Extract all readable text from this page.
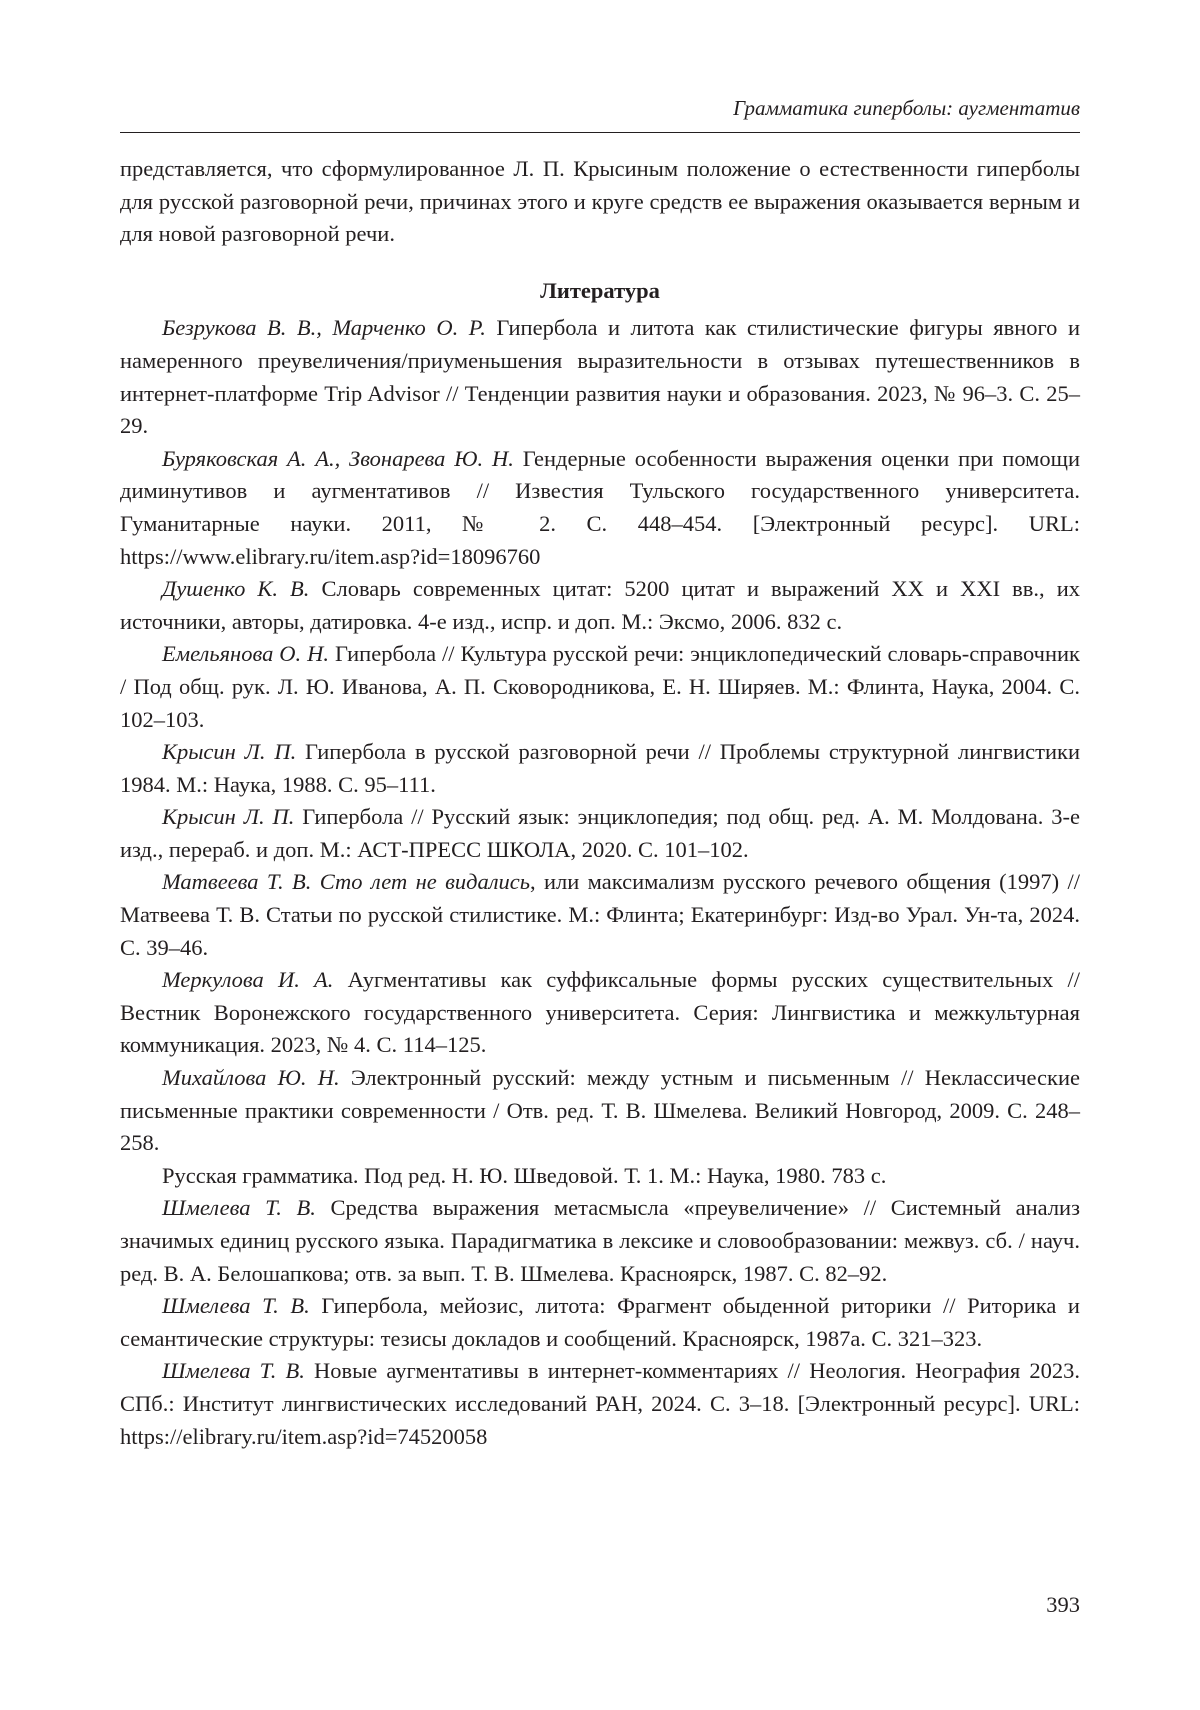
Грамматика гиперболы: аугментатив

представляется, что сформулированное Л. П. Крысиным положение о естественности гиперболы для русской разговорной речи, причинах этого и круге средств ее выражения оказывается верным и для новой разговорной речи.

Литература

Безрукова В. В., Марченко О. Р. Гипербола и литота как стилистические фигуры явного и намеренного преувеличения/приуменьшения выразительности в отзывах путешественников в интернет-платформе Trip Advisor // Тенденции развития науки и образования. 2023, № 96–3. С. 25–29.

Буряковская А. А., Звонарева Ю. Н. Гендерные особенности выражения оценки при помощи диминутивов и аугментативов // Известия Тульского государственного университета. Гуманитарные науки. 2011, № 2. С. 448–454. [Электронный ресурс]. URL: https://www.elibrary.ru/item.asp?id=18096760

Душенко К. В. Словарь современных цитат: 5200 цитат и выражений XX и XXI вв., их источники, авторы, датировка. 4-е изд., испр. и доп. М.: Эксмо, 2006. 832 с.

Емельянова О. Н. Гипербола // Культура русской речи: энциклопедический словарь-справочник / Под общ. рук. Л. Ю. Иванова, А. П. Сковородникова, Е. Н. Ширяев. М.: Флинта, Наука, 2004. С. 102–103.

Крысин Л. П. Гипербола в русской разговорной речи // Проблемы структурной лингвистики 1984. М.: Наука, 1988. С. 95–111.

Крысин Л. П. Гипербола // Русский язык: энциклопедия; под общ. ред. А. М. Молдована. 3-е изд., перераб. и доп. М.: АСТ-ПРЕСС ШКОЛА, 2020. С. 101–102.

Матвеева Т. В. Сто лет не видались, или максимализм русского речевого общения (1997) // Матвеева Т. В. Статьи по русской стилистике. М.: Флинта; Екатеринбург: Изд-во Урал. Ун-та, 2024. С. 39–46.

Меркулова И. А. Аугментативы как суффиксальные формы русских существительных // Вестник Воронежского государственного университета. Серия: Лингвистика и межкультурная коммуникация. 2023, № 4. С. 114–125.

Михайлова Ю. Н. Электронный русский: между устным и письменным // Неклассические письменные практики современности / Отв. ред. Т. В. Шмелева. Великий Новгород, 2009. С. 248–258.

Русская грамматика. Под ред. Н. Ю. Шведовой. Т. 1. М.: Наука, 1980. 783 с.

Шмелева Т. В. Средства выражения метасмысла «преувеличение» // Системный анализ значимых единиц русского языка. Парадигматика в лексике и словообразовании: межвуз. сб. / науч. ред. В. А. Белошапкова; отв. за вып. Т. В. Шмелева. Красноярск, 1987. С. 82–92.

Шмелева Т. В. Гипербола, мейозис, литота: Фрагмент обыденной риторики // Риторика и семантические структуры: тезисы докладов и сообщений. Красноярск, 1987а. С. 321–323.

Шмелева Т. В. Новые аугментативы в интернет-комментариях // Неология. Неография 2023. СПб.: Институт лингвистических исследований РАН, 2024. С. 3–18. [Электронный ресурс]. URL: https://elibrary.ru/item.asp?id=74520058

393
